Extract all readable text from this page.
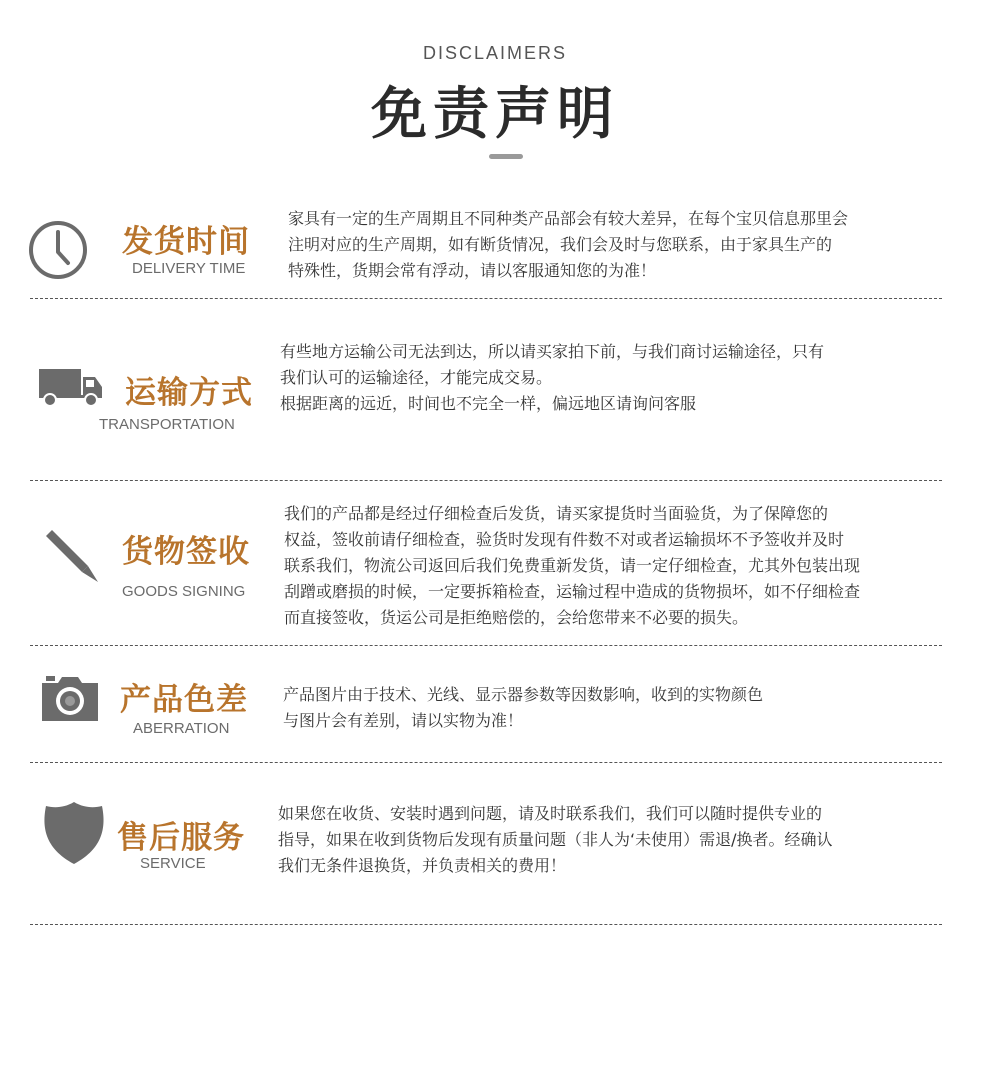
DISCLAIMERS
免责声明
发货时间
DELIVERY TIME

家具有一定的生产周期且不同种类产品部会有较大差异，在每个宝贝信息那里会

注明对应的生产周期，如有断货情况，我们会及时与您联系，由于家具生产的

特殊性，货期会常有浮动，请以客服通知您的为准！

运输方式
TRANSPORTATION

有些地方运输公司无法到达，所以请买家拍下前，与我们商讨运输途径，只有

我们认可的运输途径，才能完成交易。

根据距离的远近，时间也不完全一样，偏远地区请询问客服

货物签收
GOODS SIGNING

我们的产品都是经过仔细检查后发货，请买家提货时当面验货，为了保障您的

权益，签收前请仔细检查，验货时发现有件数不对或者运输损坏不予签收并及时

联系我们，物流公司返回后我们免费重新发货，请一定仔细检查，尤其外包装出现

刮蹭或磨损的时候，一定要拆箱检查，运输过程中造成的货物损坏，如不仔细检查

而直接签收，货运公司是拒绝赔偿的，会给您带来不必要的损失。

产品色差
ABERRATION

产品图片由于技术、光线、显示器参数等因数影响，收到的实物颜色

与图片会有差别，请以实物为准！

售后服务
SERVICE

如果您在收货、安装时遇到问题，请及时联系我们，我们可以随时提供专业的

指导，如果在收到货物后发现有质量问题（非人为‘未使用）需退/换者。经确认

我们无条件退换货，并负责相关的费用！
